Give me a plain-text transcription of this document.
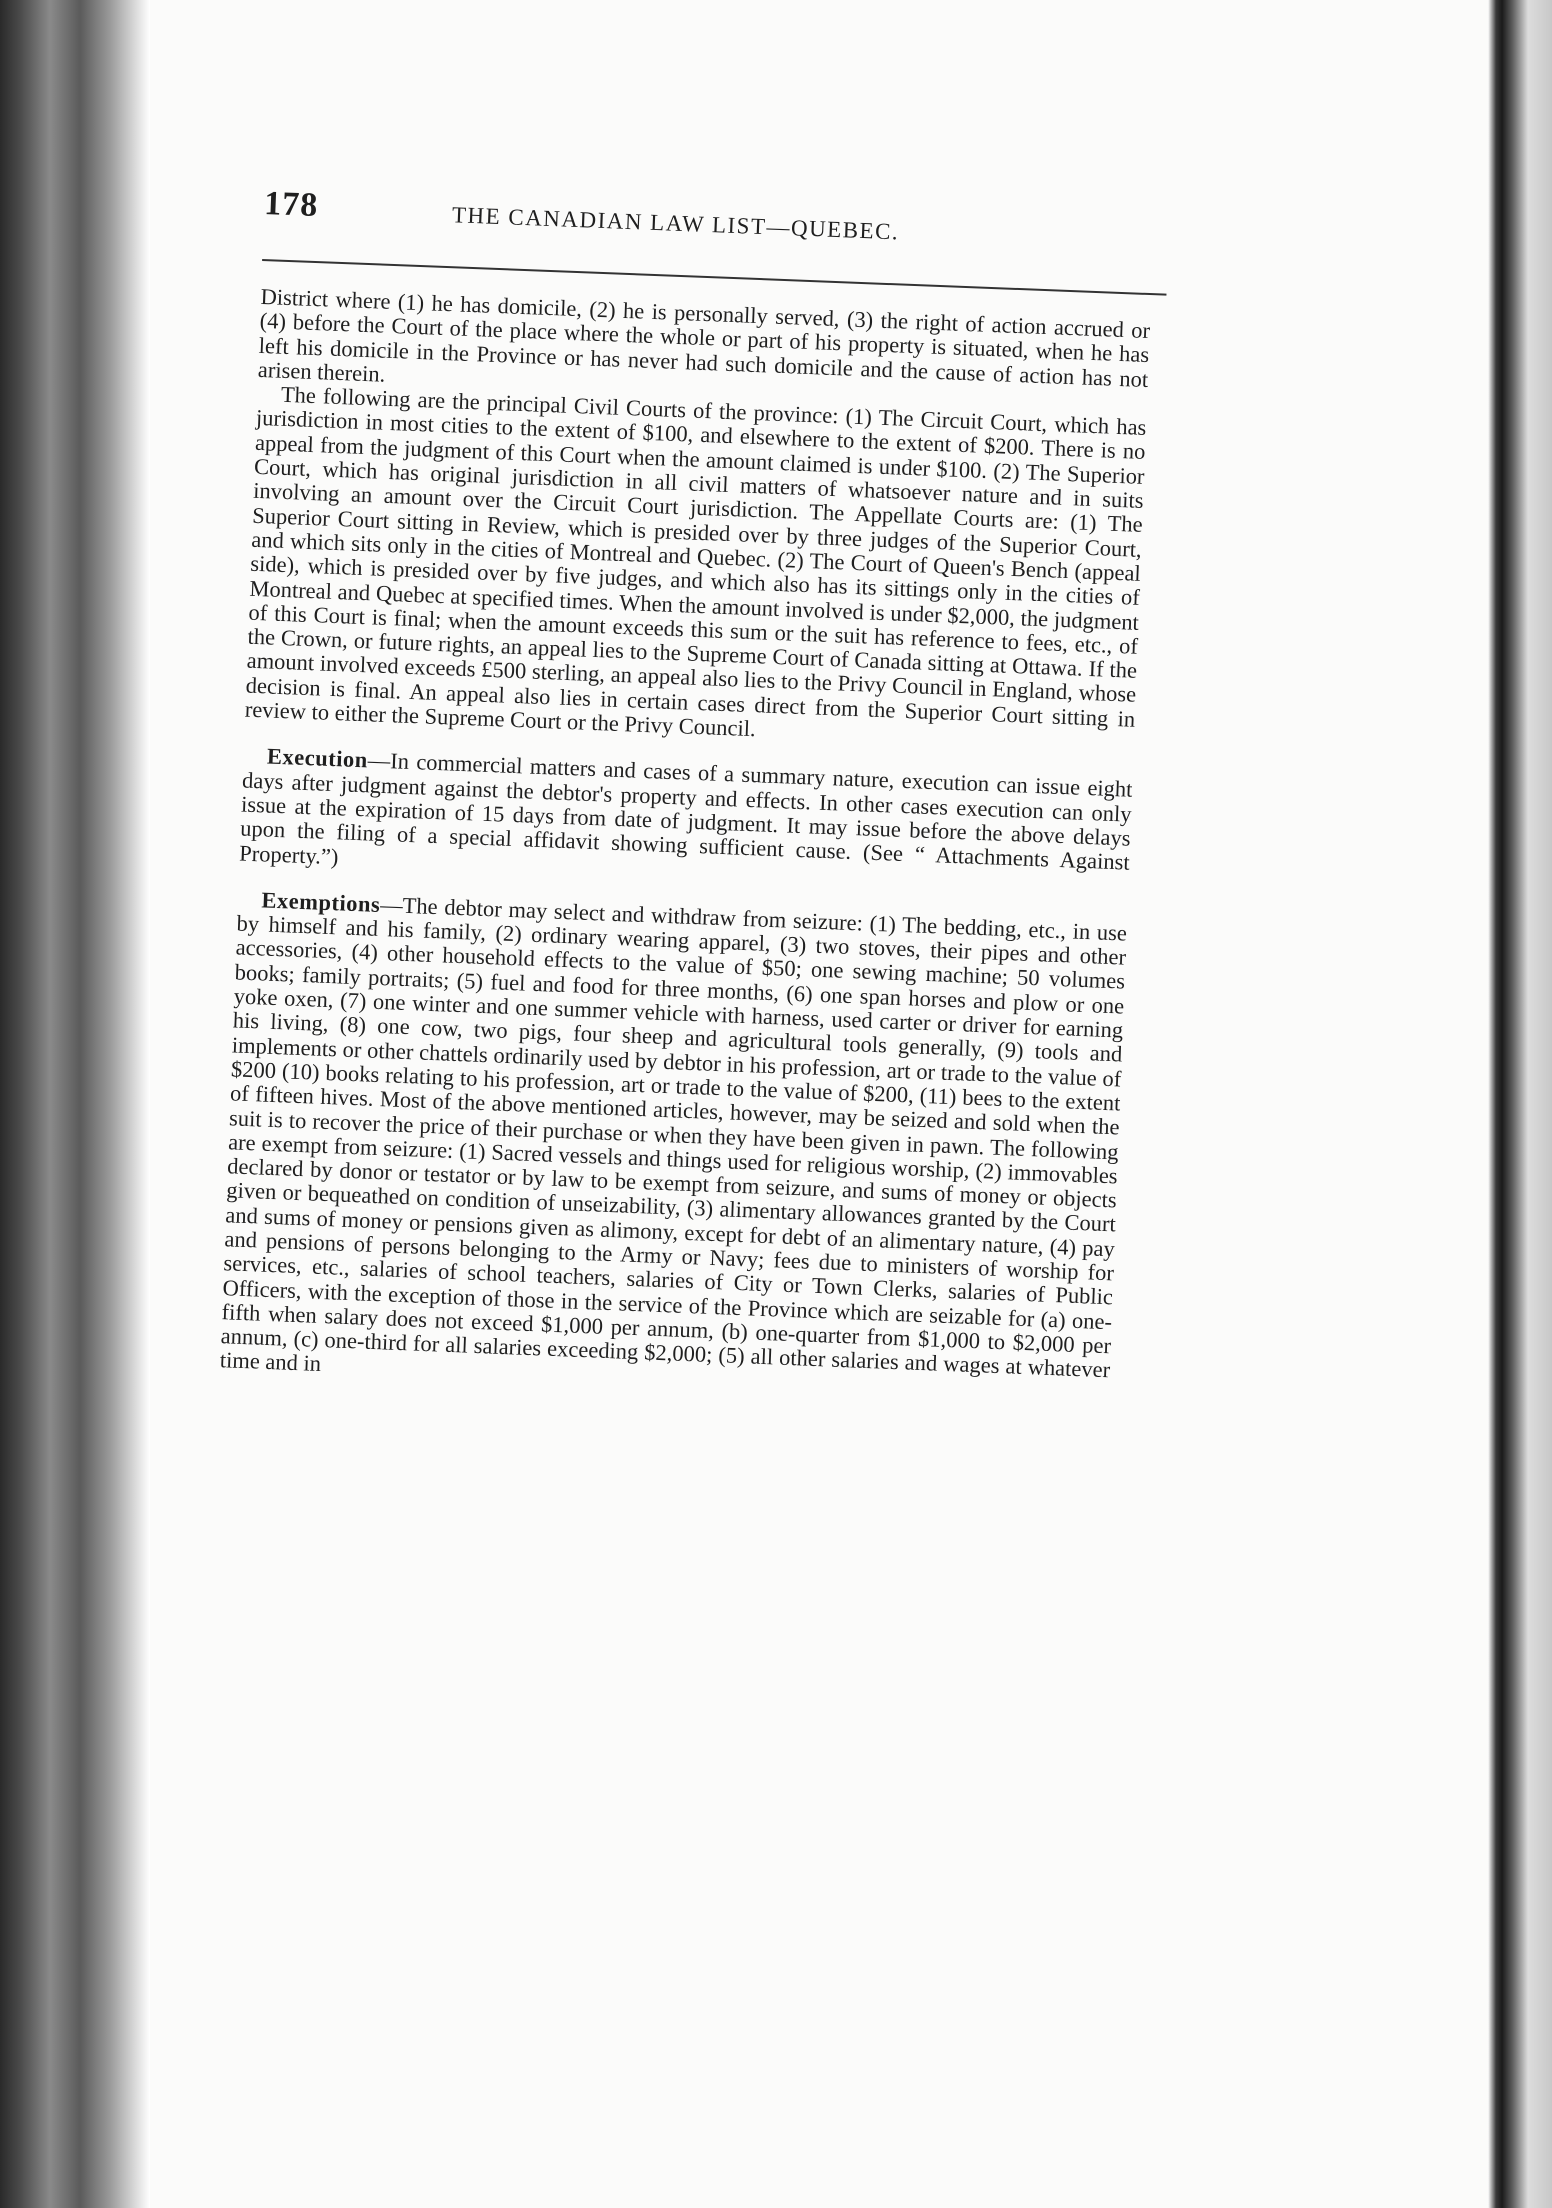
178	THE CANADIAN LAW LIST—QUEBEC.

District where (1) he has domicile, (2) he is personally served, (3) the right of action accrued or (4) before the Court of the place where the whole or part of his property is situated, when he has left his domicile in the Province or has never had such domicile and the cause of action has not arisen therein.

The following are the principal Civil Courts of the province: (1) The Circuit Court, which has jurisdiction in most cities to the extent of $100, and elsewhere to the extent of $200. There is no appeal from the judgment of this Court when the amount claimed is under $100. (2) The Superior Court, which has original jurisdiction in all civil matters of whatsoever nature and in suits involving an amount over the Circuit Court jurisdiction. The Appellate Courts are: (1) The Superior Court sitting in Review, which is presided over by three judges of the Superior Court, and which sits only in the cities of Montreal and Quebec. (2) The Court of Queen's Bench (appeal side), which is presided over by five judges, and which also has its sittings only in the cities of Montreal and Quebec at specified times. When the amount involved is under $2,000, the judgment of this Court is final; when the amount exceeds this sum or the suit has reference to fees, etc., of the Crown, or future rights, an appeal lies to the Supreme Court of Canada sitting at Ottawa. If the amount involved exceeds £500 sterling, an appeal also lies to the Privy Council in England, whose decision is final. An appeal also lies in certain cases direct from the Superior Court sitting in review to either the Supreme Court or the Privy Council.

Execution—In commercial matters and cases of a summary nature, execution can issue eight days after judgment against the debtor's property and effects. In other cases execution can only issue at the expiration of 15 days from date of judgment. It may issue before the above delays upon the filing of a special affidavit showing sufficient cause. (See “ Attachments Against Property.”)

Exemptions—The debtor may select and withdraw from seizure: (1) The bedding, etc., in use by himself and his family, (2) ordinary wearing apparel, (3) two stoves, their pipes and other accessories, (4) other household effects to the value of $50; one sewing machine; 50 volumes books; family portraits; (5) fuel and food for three months, (6) one span horses and plow or one yoke oxen, (7) one winter and one summer vehicle with harness, used carter or driver for earning his living, (8) one cow, two pigs, four sheep and agricultural tools generally, (9) tools and implements or other chattels ordinarily used by debtor in his profession, art or trade to the value of $200 (10) books relating to his profession, art or trade to the value of $200, (11) bees to the extent of fifteen hives. Most of the above mentioned articles, however, may be seized and sold when the suit is to recover the price of their purchase or when they have been given in pawn. The following are exempt from seizure: (1) Sacred vessels and things used for religious worship, (2) immovables declared by donor or testator or by law to be exempt from seizure, and sums of money or objects given or bequeathed on condition of unseizability, (3) alimentary allowances granted by the Court and sums of money or pensions given as alimony, except for debt of an alimentary nature, (4) pay and pensions of persons belonging to the Army or Navy; fees due to ministers of worship for services, etc., salaries of school teachers, salaries of City or Town Clerks, salaries of Public Officers, with the exception of those in the service of the Province which are seizable for (a) one-fifth when salary does not exceed $1,000 per annum, (b) one-quarter from $1,000 to $2,000 per annum, (c) one-third for all salaries exceeding $2,000; (5) all other salaries and wages at whatever time and in
